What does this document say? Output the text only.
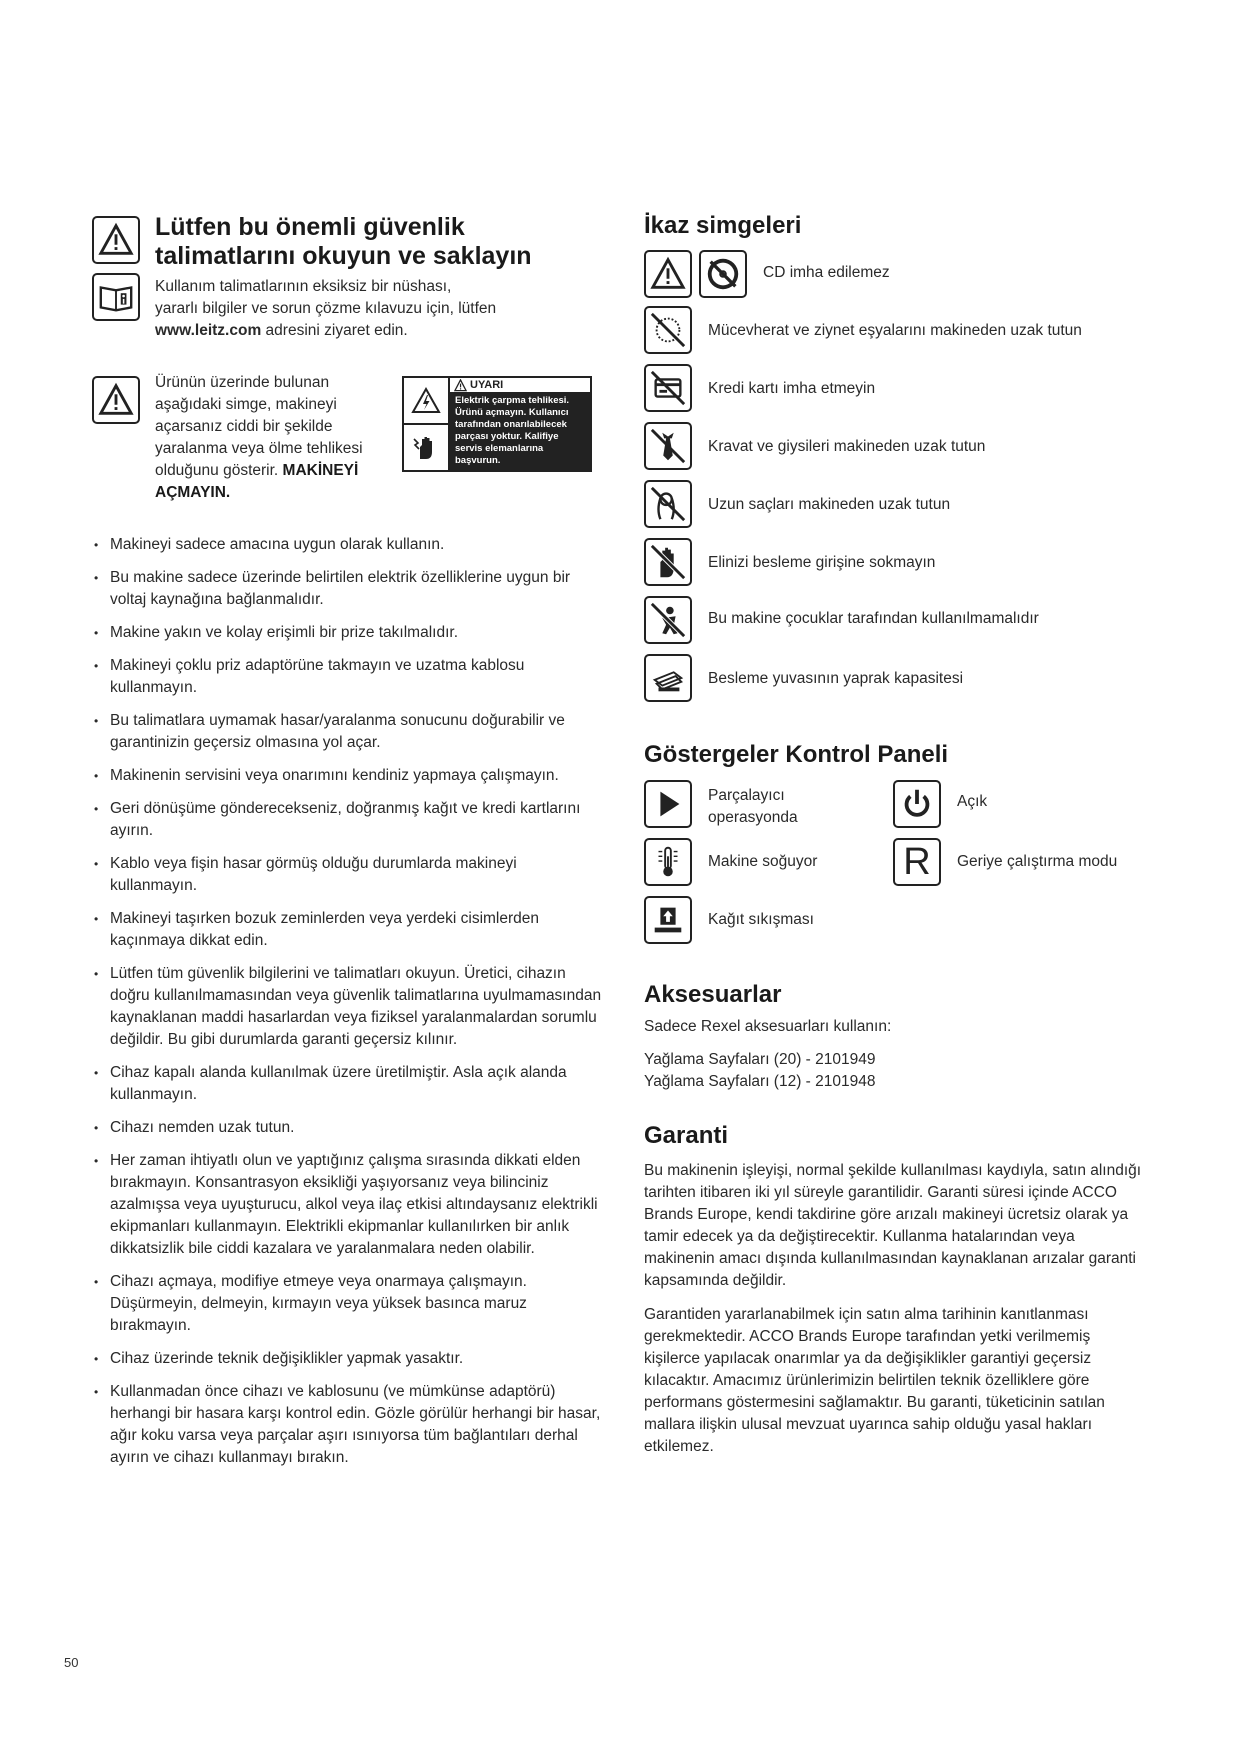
Lütfen bu önemli güvenlik
talimatlarını okuyun ve saklayın
Kullanım talimatlarının eksiksiz bir nüshası,
yararlı bilgiler ve sorun çözme kılavuzu için, lütfen
www.leitz.com adresini ziyaret edin.
Ürünün üzerinde bulunan
aşağıdaki simge, makineyi
açarsanız ciddi bir şekilde
yaralanma veya ölme tehlikesi
olduğunu gösterir. MAKİNEYİ
AÇMAYIN.
UYARI
Elektrik çarpma tehlikesi. Ürünü açmayın. Kullanıcı tarafından onarılabilecek parçası yoktur. Kalifiye servis elemanlarına başvurun.
• Makineyi sadece amacına uygun olarak kullanın.
• Bu makine sadece üzerinde belirtilen elektrik özelliklerine uygun bir voltaj kaynağına bağlanmalıdır.
• Makine yakın ve kolay erişimli bir prize takılmalıdır.
• Makineyi çoklu priz adaptörüne takmayın ve uzatma kablosu kullanmayın.
• Bu talimatlara uymamak hasar/yaralanma sonucunu doğurabilir ve garantinizin geçersiz olmasına yol açar.
• Makinenin servisini veya onarımını kendiniz yapmaya çalışmayın.
• Geri dönüşüme gönderecekseniz, doğranmış kağıt ve kredi kartlarını ayırın.
• Kablo veya fişin hasar görmüş olduğu durumlarda makineyi kullanmayın.
• Makineyi taşırken bozuk zeminlerden veya yerdeki cisimlerden kaçınmaya dikkat edin.
• Lütfen tüm güvenlik bilgilerini ve talimatları okuyun. Üretici, cihazın doğru kullanılmamasından veya güvenlik talimatlarına uyulmamasından kaynaklanan maddi hasarlardan veya fiziksel yaralanmalardan sorumlu değildir. Bu gibi durumlarda garanti geçersiz kılınır.
• Cihaz kapalı alanda kullanılmak üzere üretilmiştir. Asla açık alanda kullanmayın.
• Cihazı nemden uzak tutun.
• Her zaman ihtiyatlı olun ve yaptığınız çalışma sırasında dikkati elden bırakmayın. Konsantrasyon eksikliği yaşıyorsanız veya bilinciniz azalmışsa veya uyuşturucu, alkol veya ilaç etkisi altındaysanız elektrikli ekipmanları kullanmayın. Elektrikli ekipmanlar kullanılırken bir anlık dikkatsizlik bile ciddi kazalara ve yaralanmalara neden olabilir.
• Cihazı açmaya, modifiye etmeye veya onarmaya çalışmayın. Düşürmeyin, delmeyin, kırmayın veya yüksek basınca maruz bırakmayın.
• Cihaz üzerinde teknik değişiklikler yapmak yasaktır.
• Kullanmadan önce cihazı ve kablosunu (ve mümkünse adaptörü) herhangi bir hasara karşı kontrol edin. Gözle görülür herhangi bir hasar, ağır koku varsa veya parçalar aşırı ısınıyorsa tüm bağlantıları derhal ayırın ve cihazı kullanmayı bırakın.
İkaz simgeleri
CD imha edilemez
Mücevherat ve ziynet eşyalarını makineden uzak tutun
Kredi kartı imha etmeyin
Kravat ve giysileri makineden uzak tutun
Uzun saçları makineden uzak tutun
Elinizi besleme girişine sokmayın
Bu makine çocuklar tarafından kullanılmamalıdır
Besleme yuvasının yaprak kapasitesi
Göstergeler Kontrol Paneli
Parçalayıcı
operasyonda
Açık
Makine soğuyor R Geriye çalıştırma modu
Kağıt sıkışması
Aksesuarlar
Sadece Rexel aksesuarları kullanın:
Yağlama Sayfaları (20) - 2101949
Yağlama Sayfaları (12) - 2101948
Garanti
Bu makinenin işleyişi, normal şekilde kullanılması kaydıyla, satın alındığı tarihten itibaren iki yıl süreyle garantilidir. Garanti süresi içinde ACCO Brands Europe, kendi takdirine göre arızalı makineyi ücretsiz olarak ya tamir edecek ya da değiştirecektir. Kullanma hatalarından veya makinenin amacı dışında kullanılmasından kaynaklanan arızalar garanti kapsamında değildir.
Garantiden yararlanabilmek için satın alma tarihinin kanıtlanması gerekmektedir. ACCO Brands Europe tarafından yetki verilmemiş kişilerce yapılacak onarımlar ya da değişiklikler garantiyi geçersiz kılacaktır. Amacımız ürünlerimizin belirtilen teknik özelliklere göre performans göstermesini sağlamaktır. Bu garanti, tüketicinin satılan mallara ilişkin ulusal mevzuat uyarınca sahip olduğu yasal hakları etkilemez.
50
